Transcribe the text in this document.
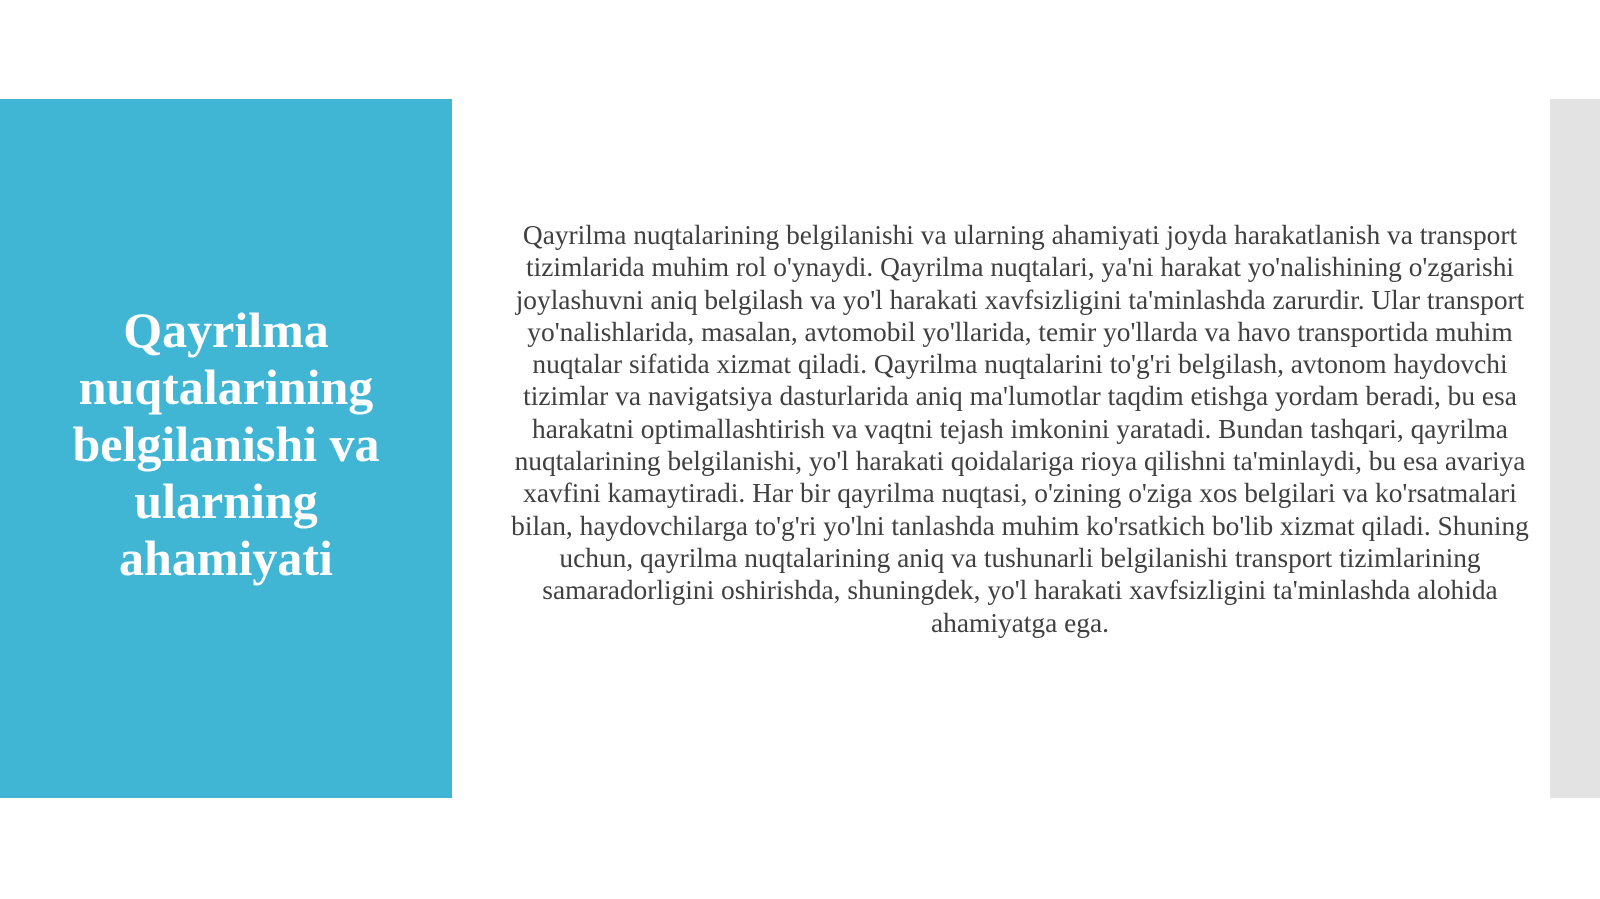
Qayrilma nuqtalarining belgilanishi va ularning ahamiyati

Qayrilma nuqtalarining belgilanishi va ularning ahamiyati joyda harakatlanish va transport tizimlarida muhim rol o'ynaydi. Qayrilma nuqtalari, ya'ni harakat yo'nalishining o'zgarishi joylashuvni aniq belgilash va yo'l harakati xavfsizligini ta'minlashda zarurdir. Ular transport yo'nalishlarida, masalan, avtomobil yo'llarida, temir yo'llarda va havo transportida muhim nuqtalar sifatida xizmat qiladi. Qayrilma nuqtalarini to'g'ri belgilash, avtonom haydovchi tizimlar va navigatsiya dasturlarida aniq ma'lumotlar taqdim etishga yordam beradi, bu esa harakatni optimallashtirish va vaqtni tejash imkonini yaratadi. Bundan tashqari, qayrilma nuqtalarining belgilanishi, yo'l harakati qoidalariga rioya qilishni ta'minlaydi, bu esa avariya xavfini kamaytiradi. Har bir qayrilma nuqtasi, o'zining o'ziga xos belgilari va ko'rsatmalari bilan, haydovchilarga to'g'ri yo'lni tanlashda muhim ko'rsatkich bo'lib xizmat qiladi. Shuning uchun, qayrilma nuqtalarining aniq va tushunarli belgilanishi transport tizimlarining samaradorligini oshirishda, shuningdek, yo'l harakati xavfsizligini ta'minlashda alohida ahamiyatga ega.
